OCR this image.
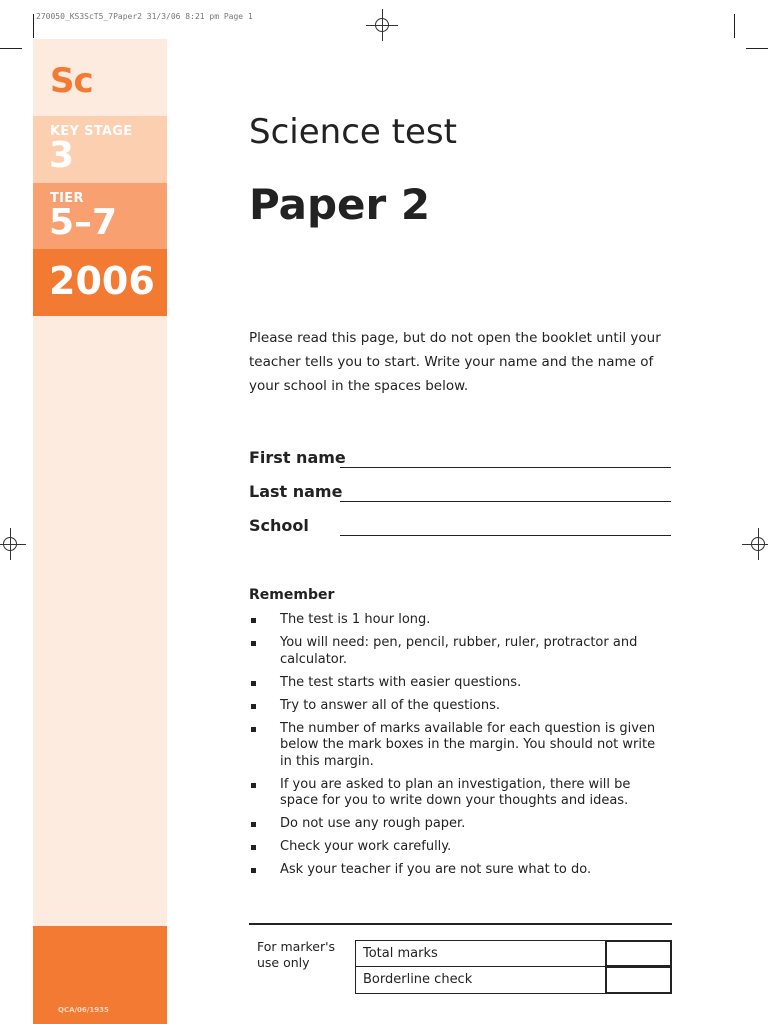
270050_KS3ScT5_7Paper2 31/3/06 8:21 pm Page 1
Sc
KEY STAGE
3
TIER
5–7
2006
QCA/06/1935
Science test
Paper 2

Please read this page, but do not open the booklet until your teacher tells you to start. Write your name and the name of your school in the spaces below.

First name
Last name
School
Remember
The test is 1 hour long.
You will need: pen, pencil, rubber, ruler, protractor and calculator.
The test starts with easier questions.
Try to answer all of the questions.
The number of marks available for each question is given below the mark boxes in the margin. You should not write in this margin.
If you are asked to plan an investigation, there will be space for you to write down your thoughts and ideas.
Do not use any rough paper.
Check your work carefully.
Ask your teacher if you are not sure what to do.
For marker's use only
Total marks
Borderline check
